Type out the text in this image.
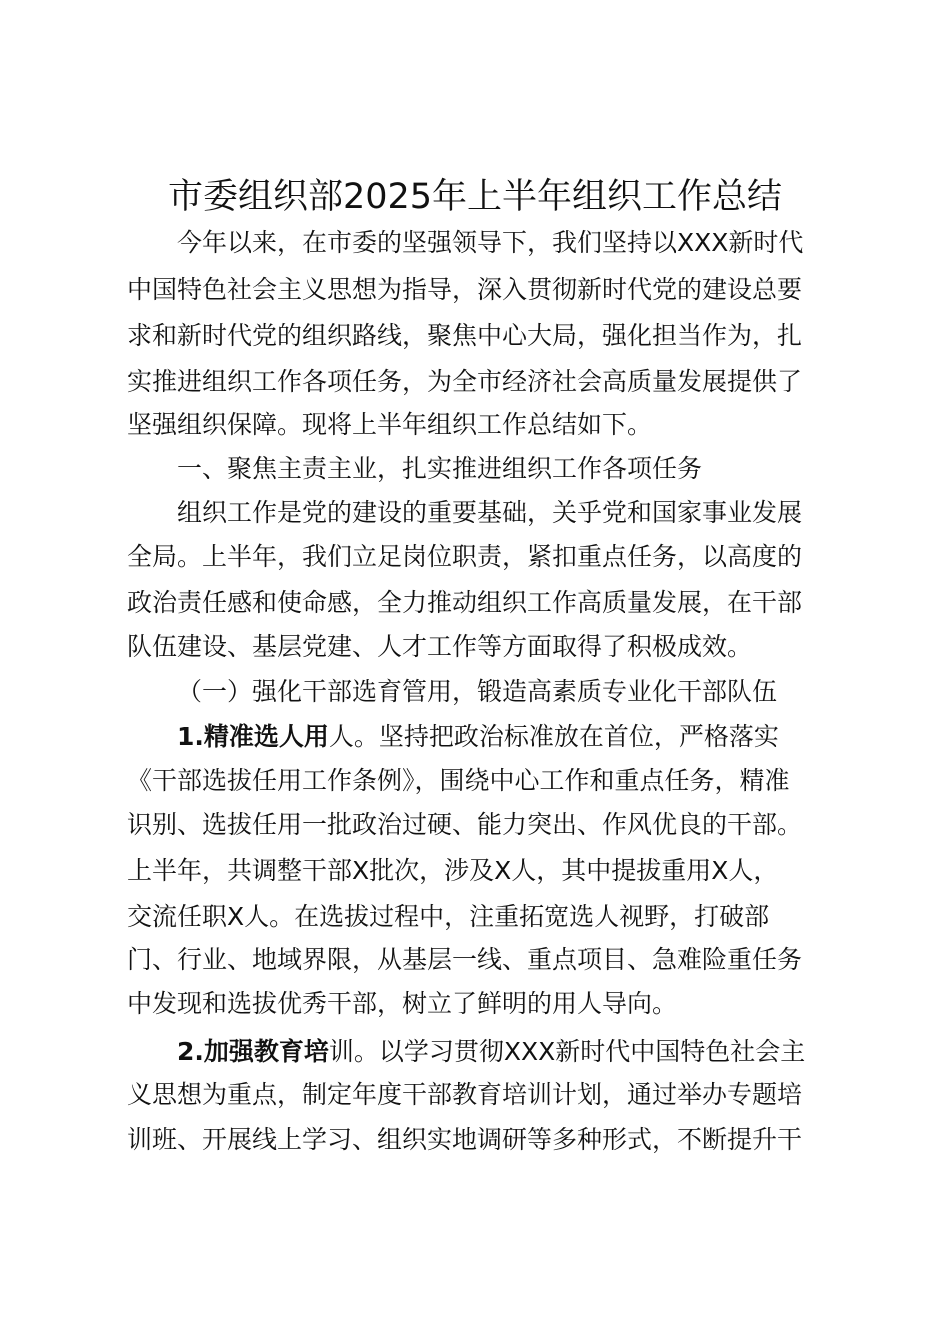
市委组织部2025年上半年组织工作总结
今年以来，在市委的坚强领导下，我们坚持以XXX新时代
中国特色社会主义思想为指导，深入贯彻新时代党的建设总要
求和新时代党的组织路线，聚焦中心大局，强化担当作为，扎
实推进组织工作各项任务，为全市经济社会高质量发展提供了
坚强组织保障。现将上半年组织工作总结如下。
一、聚焦主责主业，扎实推进组织工作各项任务
组织工作是党的建设的重要基础，关乎党和国家事业发展
全局。上半年，我们立足岗位职责，紧扣重点任务，以高度的
政治责任感和使命感，全力推动组织工作高质量发展，在干部
队伍建设、基层党建、人才工作等方面取得了积极成效。
（一）强化干部选育管用，锻造高素质专业化干部队伍
1.精准选人用人。坚持把政治标准放在首位，严格落实
《干部选拔任用工作条例》，围绕中心工作和重点任务，精准
识别、选拔任用一批政治过硬、能力突出、作风优良的干部。
上半年，共调整干部X批次，涉及X人，其中提拔重用X人，
交流任职X人。在选拔过程中，注重拓宽选人视野，打破部
门、行业、地域界限，从基层一线、重点项目、急难险重任务
中发现和选拔优秀干部，树立了鲜明的用人导向。
2.加强教育培训。以学习贯彻XXX新时代中国特色社会主
义思想为重点，制定年度干部教育培训计划，通过举办专题培
训班、开展线上学习、组织实地调研等多种形式，不断提升干
